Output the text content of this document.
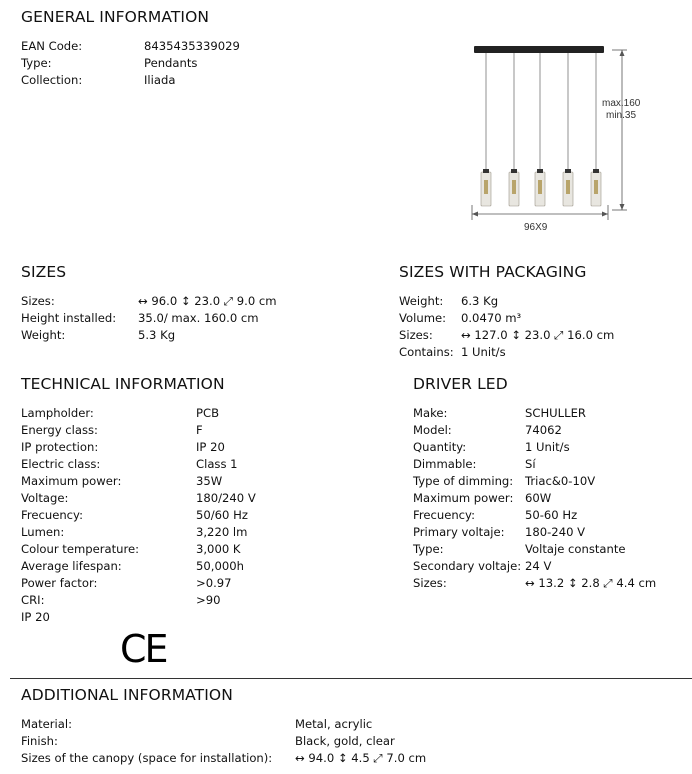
GENERAL INFORMATION
EAN Code:	8435435339029
Type:	Pendants
Collection:	Iliada
max.160
min.35
96X9
SIZES
Sizes:	↔ 96.0 ↕ 23.0 ⤢ 9.0 cm
Height installed: 35.0/ max. 160.0 cm
Weight:	5.3 Kg
SIZES WITH PACKAGING
Weight: 6.3 Kg
Volume: 0.0470 m³
Sizes: ↔ 127.0 ↕ 23.0 ⤢ 16.0 cm
Contains: 1 Unit/s
TECHNICAL INFORMATION
Lampholder:	PCB
Energy class:	F
IP protection:	IP 20
Electric class:	Class 1
Maximum power:	35W
Voltage:	180/240 V
Frecuency:	50/60 Hz
Lumen:	3,220 lm
Colour temperature:	3,000 K
Average lifespan:	50,000h
Power factor:	>0.97
CRI:	>90
IP 20
CE
DRIVER LED
Make:	SCHULLER
Model:	74062
Quantity:	1 Unit/s
Dimmable:	Sí
Type of dimming: Triac&0-10V
Maximum power: 60W
Frecuency:	50-60 Hz
Primary voltaje: 180-240 V
Type:	Voltaje constante
Secondary voltaje: 24 V
Sizes:	↔ 13.2 ↕ 2.8 ⤢ 4.4 cm
ADDITIONAL INFORMATION
Material:	Metal, acrylic
Finish:	Black, gold, clear
Sizes of the canopy (space for installation): ↔ 94.0 ↕ 4.5 ⤢ 7.0 cm
